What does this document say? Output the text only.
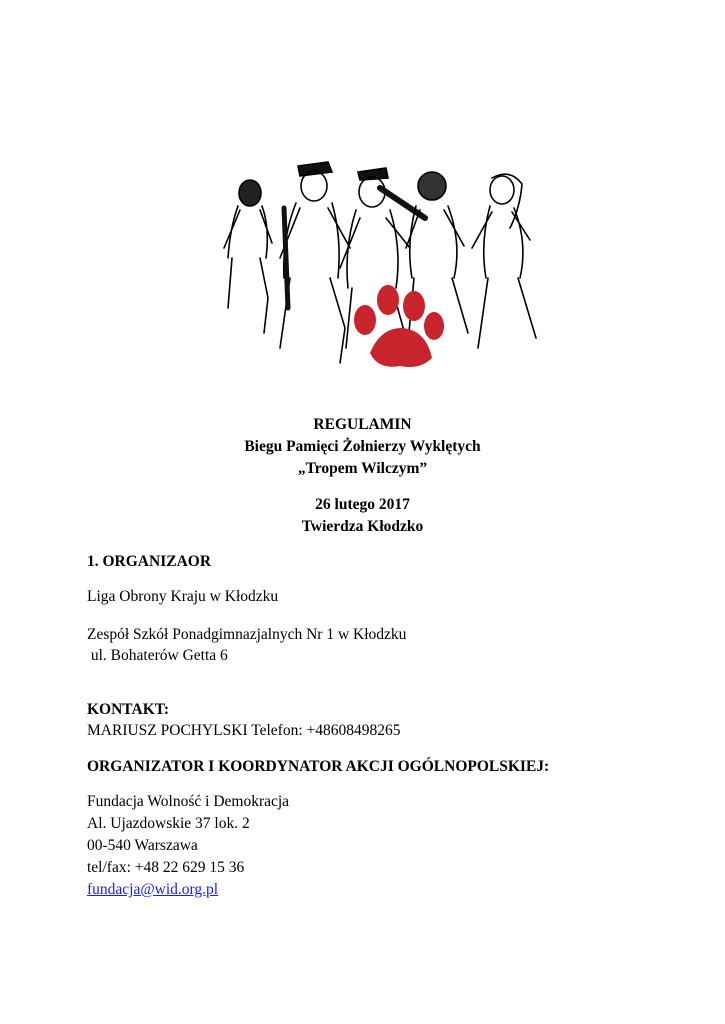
REGULAMIN
Biegu Pamięci Żołnierzy Wyklętych
„Tropem Wilczym”
26 lutego 2017
Twierdza Kłodzko
1. ORGANIZAOR
Liga Obrony Kraju w Kłodzku
Zespół Szkół Ponadgimnazjalnych Nr 1 w Kłodzku
ul. Bohaterów Getta 6
KONTAKT:
MARIUSZ POCHYLSKI Telefon: +48608498265
ORGANIZATOR I KOORDYNATOR AKCJI OGÓLNOPOLSKIEJ:
Fundacja Wolność i Demokracja
Al. Ujazdowskie 37 lok. 2
00-540 Warszawa
tel/fax: +48 22 629 15 36
fundacja@wid.org.pl
